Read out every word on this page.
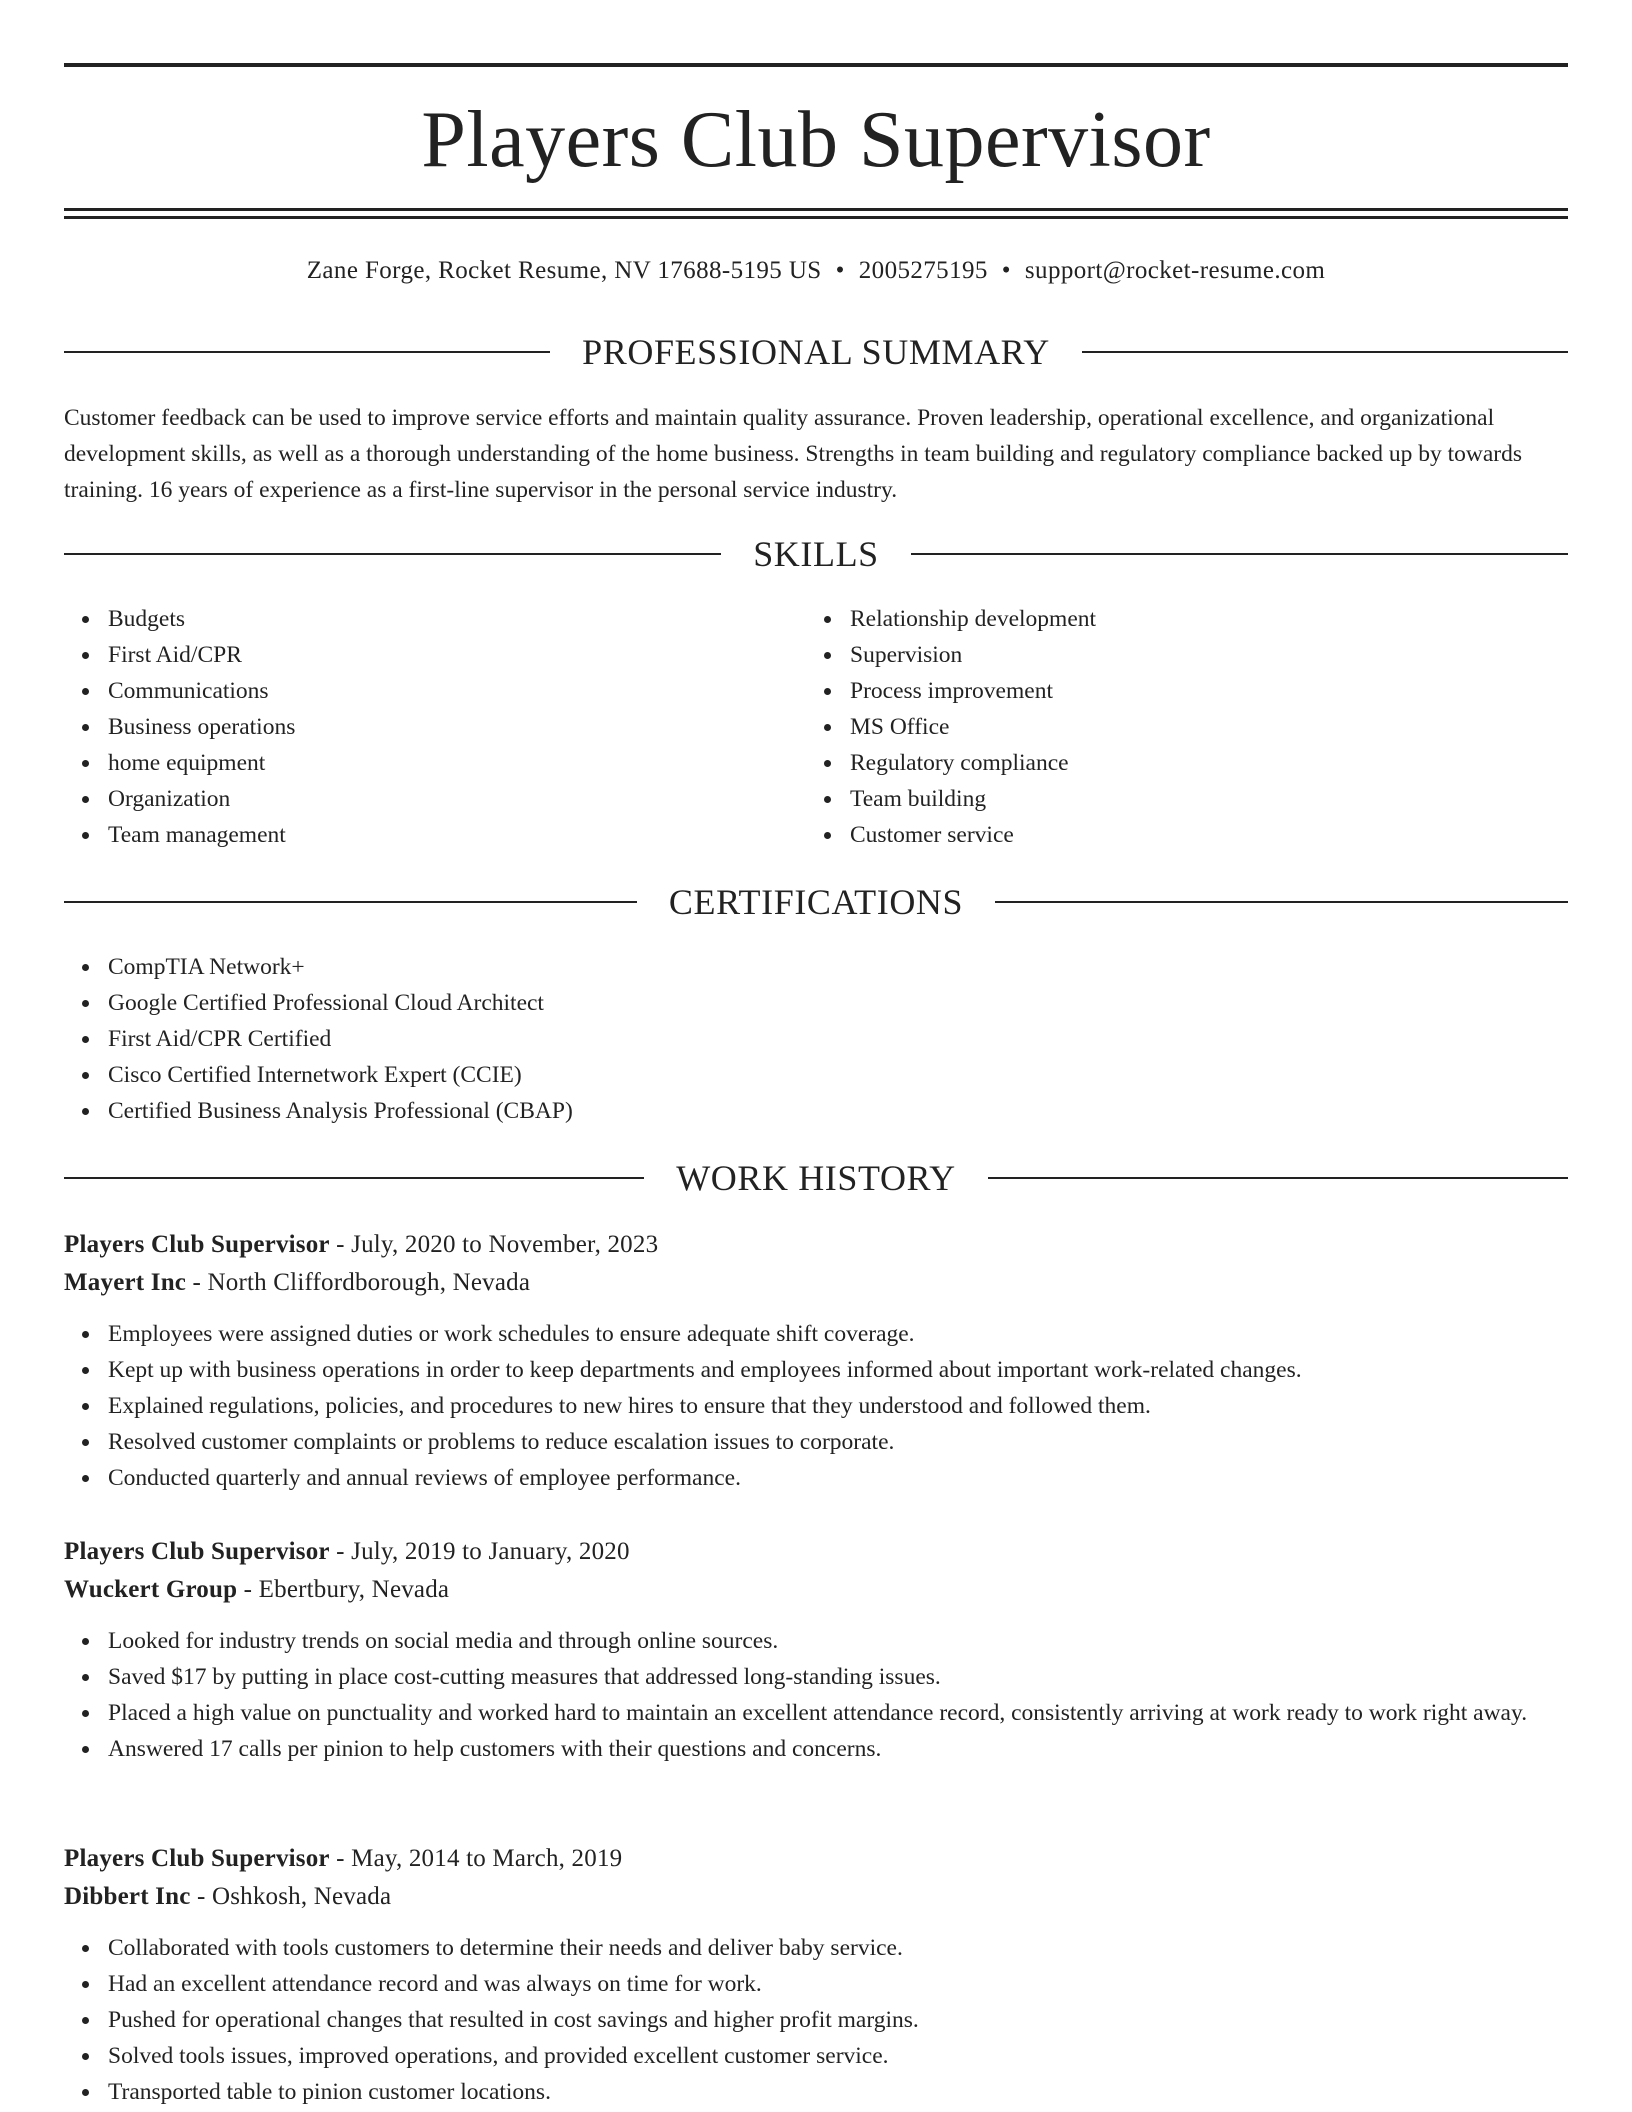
Players Club Supervisor
Zane Forge, Rocket Resume, NV 17688-5195 US • 2005275195 • support@rocket-resume.com
PROFESSIONAL SUMMARY

Customer feedback can be used to improve service efforts and maintain quality assurance. Proven leadership, operational excellence, and organizational development skills, as well as a thorough understanding of the home business. Strengths in team building and regulatory compliance backed up by towards training. 16 years of experience as a first-line supervisor in the personal service industry.

SKILLS
Budgets
First Aid/CPR
Communications
Business operations
home equipment
Organization
Team management
Relationship development
Supervision
Process improvement
MS Office
Regulatory compliance
Team building
Customer service
CERTIFICATIONS
CompTIA Network+
Google Certified Professional Cloud Architect
First Aid/CPR Certified
Cisco Certified Internetwork Expert (CCIE)
Certified Business Analysis Professional (CBAP)
WORK HISTORY
Players Club Supervisor - July, 2020 to November, 2023
Mayert Inc - North Cliffordborough, Nevada
Employees were assigned duties or work schedules to ensure adequate shift coverage.
Kept up with business operations in order to keep departments and employees informed about important work-related changes.
Explained regulations, policies, and procedures to new hires to ensure that they understood and followed them.
Resolved customer complaints or problems to reduce escalation issues to corporate.
Conducted quarterly and annual reviews of employee performance.
Players Club Supervisor - July, 2019 to January, 2020
Wuckert Group - Ebertbury, Nevada
Looked for industry trends on social media and through online sources.
Saved $17 by putting in place cost-cutting measures that addressed long-standing issues.
Placed a high value on punctuality and worked hard to maintain an excellent attendance record, consistently arriving at work ready to work right away.
Answered 17 calls per pinion to help customers with their questions and concerns.
Players Club Supervisor - May, 2014 to March, 2019
Dibbert Inc - Oshkosh, Nevada
Collaborated with tools customers to determine their needs and deliver baby service.
Had an excellent attendance record and was always on time for work.
Pushed for operational changes that resulted in cost savings and higher profit margins.
Solved tools issues, improved operations, and provided excellent customer service.
Transported table to pinion customer locations.
